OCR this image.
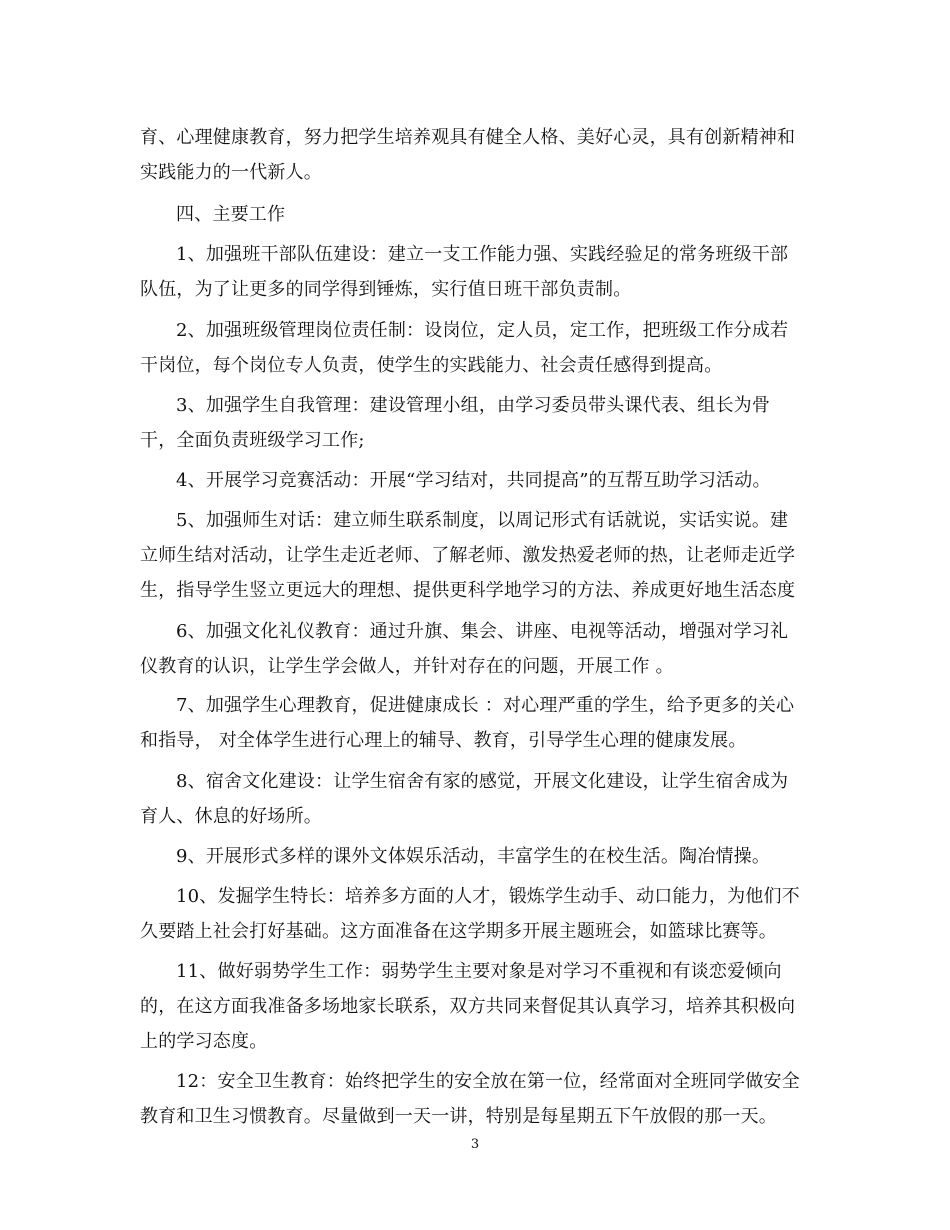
育、心理健康教育，努力把学生培养观具有健全人格、美好心灵，具有创新精神和
实践能力的一代新人。
四、主要工作
1、加强班干部队伍建设：建立一支工作能力强、实践经验足的常务班级干部
队伍，为了让更多的同学得到锤炼，实行值日班干部负责制。
2、加强班级管理岗位责任制：设岗位，定人员，定工作，把班级工作分成若
干岗位，每个岗位专人负责，使学生的实践能力、社会责任感得到提高。
3、加强学生自我管理：建设管理小组，由学习委员带头课代表、组长为骨
干，全面负责班级学习工作;
4、开展学习竞赛活动：开展“学习结对，共同提高”的互帮互助学习活动。
5、加强师生对话：建立师生联系制度，以周记形式有话就说，实话实说。建
立师生结对活动，让学生走近老师、了解老师、激发热爱老师的热，让老师走近学
生，指导学生竖立更远大的理想、提供更科学地学习的方法、养成更好地生活态度
6、加强文化礼仪教育：通过升旗、集会、讲座、电视等活动，增强对学习礼
仪教育的认识，让学生学会做人，并针对存在的问题，开展工作 。
7、加强学生心理教育，促进健康成长 ：对心理严重的学生，给予更多的关心
和指导， 对全体学生进行心理上的辅导、教育，引导学生心理的健康发展。
8、宿舍文化建设：让学生宿舍有家的感觉，开展文化建设，让学生宿舍成为
育人、休息的好场所。
9、开展形式多样的课外文体娱乐活动，丰富学生的在校生活。陶冶情操。
10、发掘学生特长：培养多方面的人才，锻炼学生动手、动口能力，为他们不
久要踏上社会打好基础。这方面准备在这学期多开展主题班会，如篮球比赛等。
11、做好弱势学生工作：弱势学生主要对象是对学习不重视和有谈恋爱倾向
的，在这方面我准备多场地家长联系，双方共同来督促其认真学习，培养其积极向
上的学习态度。
12：安全卫生教育：始终把学生的安全放在第一位，经常面对全班同学做安全
教育和卫生习惯教育。尽量做到一天一讲，特别是每星期五下午放假的那一天。
3
